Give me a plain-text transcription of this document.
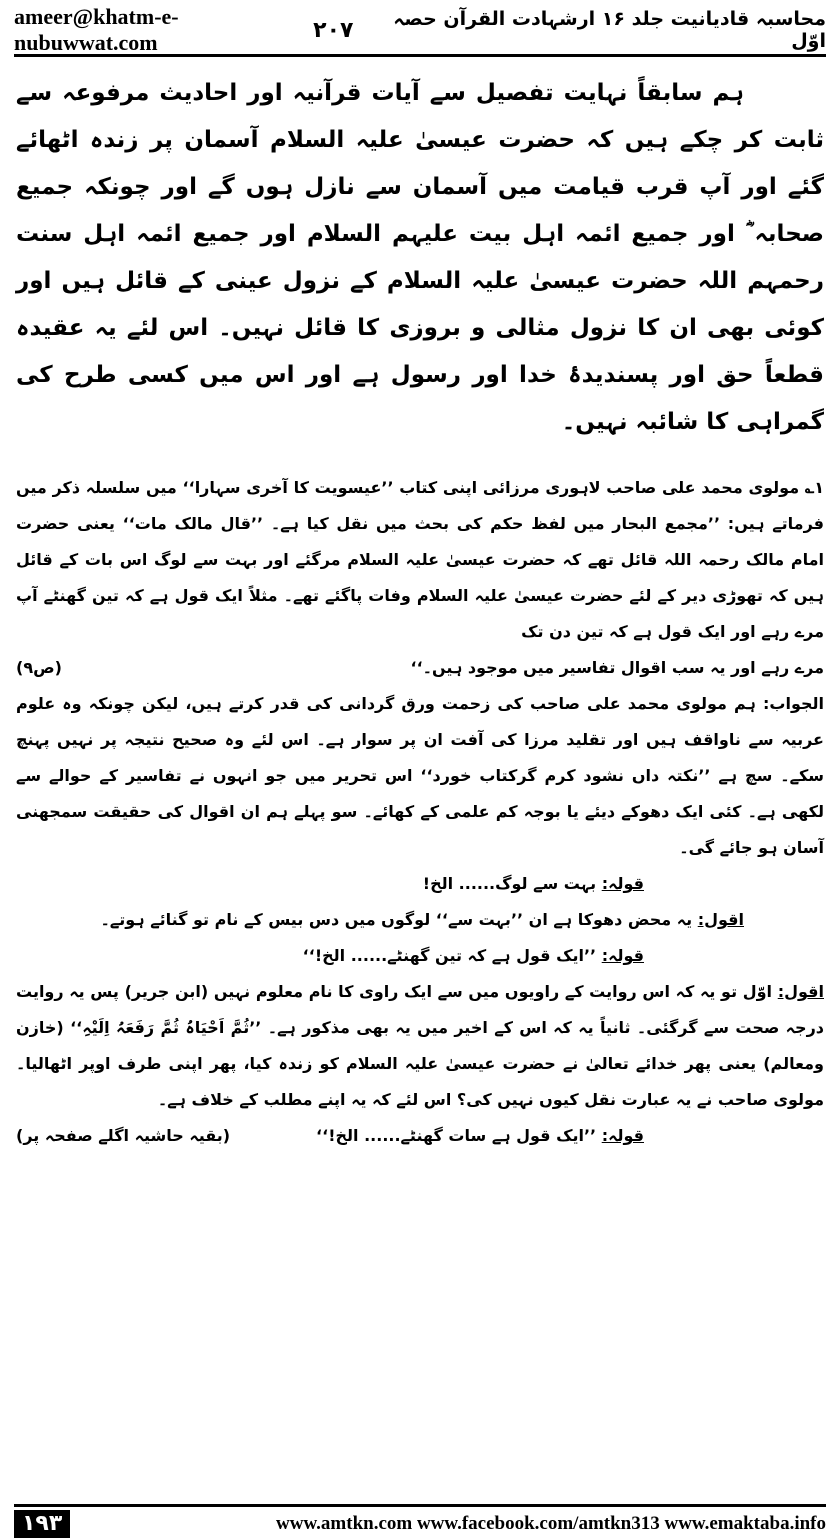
ameer@khatm-e-nubuwwat.com
محاسبہ قادیانیت جلد ۱۶ ارشہادت القرآن حصہ اوّل
۲۰۷

ہم سابقاً نہایت تفصیل سے آیات قرآنیہ اور احادیث مرفوعہ سے ثابت کر چکے ہیں کہ حضرت عیسیٰ علیہ السلام آسمان پر زندہ اٹھائے گئے اور آپ قرب قیامت میں آسمان سے نازل ہوں گے اور چونکہ جمیع صحابہ ؓ اور جمیع ائمہ اہل بیت علیہم السلام اور جمیع ائمہ اہل سنت رحمہم اللہ حضرت عیسیٰ علیہ السلام کے نزول عینی کے قائل ہیں اور کوئی بھی ان کا نزول مثالی و بروزی کا قائل نہیں۔ اس لئے یہ عقیدہ قطعاً حق اور پسندیدۂ خدا اور رسول ہے اور اس میں کسی طرح کی گمراہی کا شائبہ نہیں۔

۱؎ مولوی محمد علی صاحب لاہوری مرزائی اپنی کتاب ’’عیسویت کا آخری سہارا‘‘ میں سلسلہ ذکر میں فرماتے ہیں: ’’مجمع البحار میں لفظ حکم کی بحث میں نقل کیا ہے۔ ’’قال مالک مات‘‘ یعنی حضرت امام مالک رحمہ اللہ قائل تھے کہ حضرت عیسیٰ علیہ السلام مرگئے اور بہت سے لوگ اس بات کے قائل ہیں کہ تھوڑی دیر کے لئے حضرت عیسیٰ علیہ السلام وفات پاگئے تھے۔ مثلاً ایک قول ہے کہ تین گھنٹے آپ مرے رہے اور ایک قول ہے کہ تین دن تک

مرے رہے اور یہ سب اقوال تفاسیر میں موجود ہیں۔‘‘
(ص۹)

الجواب: ہم مولوی محمد علی صاحب کی زحمت ورق گردانی کی قدر کرتے ہیں، لیکن چونکہ وہ علوم عربیہ سے ناواقف ہیں اور تقلید مرزا کی آفت ان پر سوار ہے۔ اس لئے وہ صحیح نتیجہ پر نہیں پہنچ سکے۔ سچ ہے ’’نکتہ داں نشود کرم گرکتاب خورد‘‘ اس تحریر میں جو انہوں نے تفاسیر کے حوالے سے لکھی ہے۔ کئی ایک دھوکے دیئے یا بوجہ کم علمی کے کھائے۔ سو پہلے ہم ان اقوال کی حقیقت سمجھنی آسان ہو جائے گی۔

قولہ: بہت سے لوگ...... الخ!

اقول: یہ محض دھوکا ہے ان ’’بہت سے‘‘ لوگوں میں دس بیس کے نام تو گنائے ہوتے۔

قولہ: ’’ایک قول ہے کہ تین گھنٹے...... الخ!‘‘

اقول: اوّل تو یہ کہ اس روایت کے راویوں میں سے ایک راوی کا نام معلوم نہیں (ابن جریر) پس یہ روایت درجہ صحت سے گرگئی۔ ثانیاً یہ کہ اس کے اخیر میں یہ بھی مذکور ہے۔ ’’ثُمَّ اَحْیَاہُ ثُمَّ رَفَعَہُ اِلَیْہِ‘‘ (خازن ومعالم) یعنی پھر خدائے تعالیٰ نے حضرت عیسیٰ علیہ السلام کو زندہ کیا، پھر اپنی طرف اوپر اٹھالیا۔ مولوی صاحب نے یہ عبارت نقل کیوں نہیں کی؟ اس لئے کہ یہ اپنے مطلب کے خلاف ہے۔

قولہ: ’’ایک قول ہے سات گھنٹے...... الخ!‘‘
(بقیہ حاشیہ اگلے صفحہ پر)
۱۹۳	www.amtkn.com www.facebook.com/amtkn313 www.emaktaba.info
